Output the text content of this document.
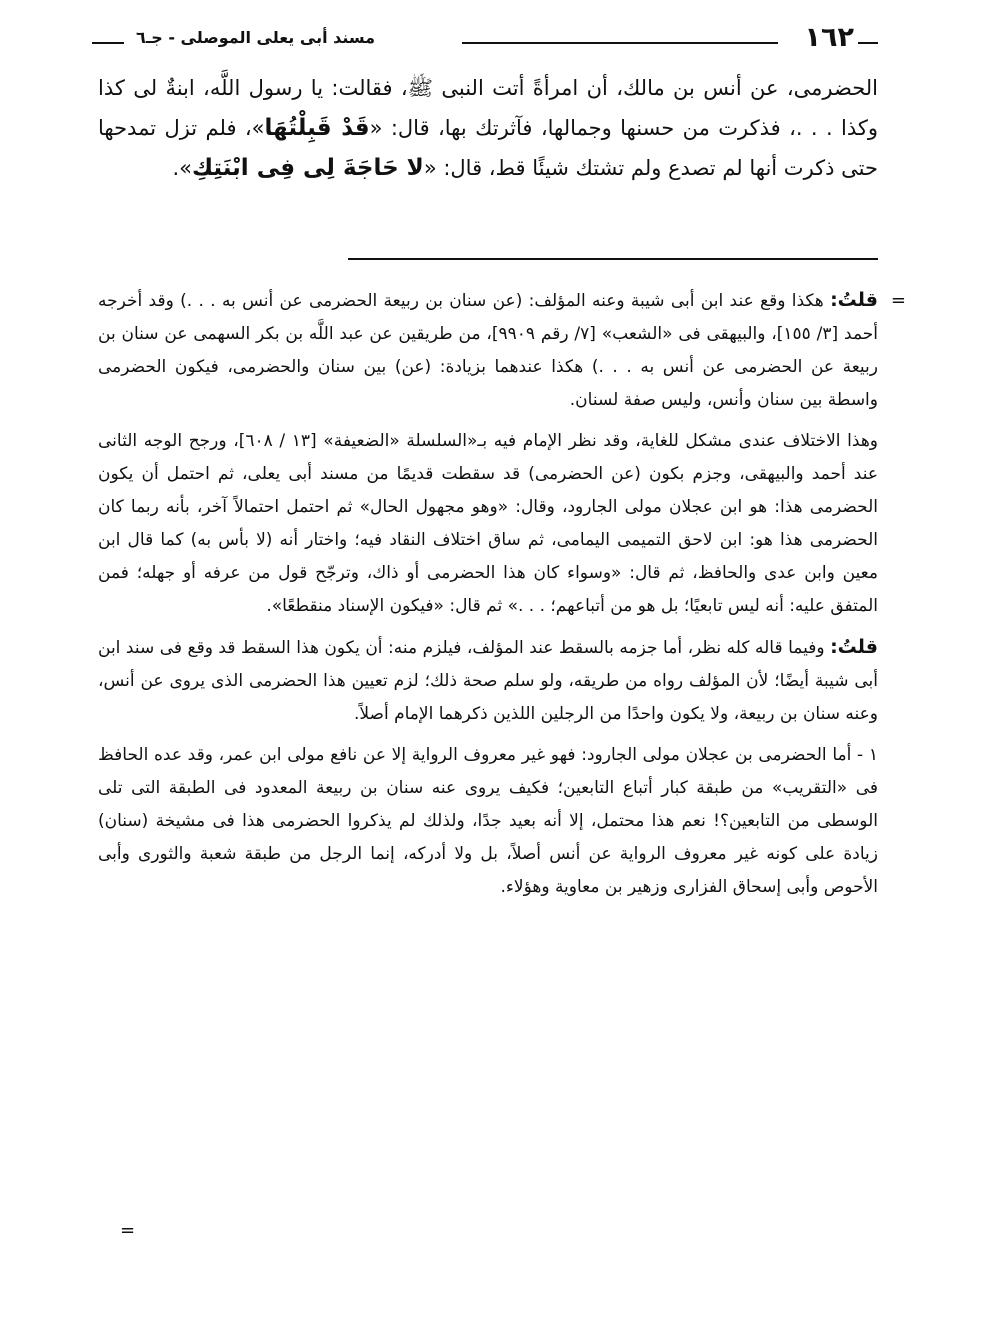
١٦٢
مسند أبى يعلى الموصلى - جـ٦

الحضرمى، عن أنس بن مالك، أن امرأةً أتت النبى ﷺ، فقالت: يا رسول اللَّه، ابنةٌ لى كذا وكذا . . .، فذكرت من حسنها وجمالها، فآثرتك بها، قال: «قَدْ قَبِلْتُهَا»، فلم تزل تمدحها حتى ذكرت أنها لم تصدع ولم تشتك شيئًا قط، قال: «لا حَاجَةَ لِى فِى ابْنَتِكِ».

=
قلتُ: هكذا وقع عند ابن أبى شيبة وعنه المؤلف: (عن سنان بن ربيعة الحضرمى عن أنس به . . .) وقد أخرجه أحمد [٣/ ١٥٥]، والبيهقى فى «الشعب» [٧/ رقم ٩٩٠٩]، من طريقين عن عبد اللَّه بن بكر السهمى عن سنان بن ربيعة عن الحضرمى عن أنس به . . .) هكذا عندهما بزيادة: (عن) بين سنان والحضرمى، فيكون الحضرمى واسطة بين سنان وأنس، وليس صفة لسنان.

وهذا الاختلاف عندى مشكل للغاية، وقد نظر الإمام فيه بـ«السلسلة «الضعيفة» [١٣ / ٦٠٨]، ورجح الوجه الثانى عند أحمد والبيهقى، وجزم بكون (عن الحضرمى) قد سقطت قديمًا من مسند أبى يعلى، ثم احتمل أن يكون الحضرمى هذا: هو ابن عجلان مولى الجارود، وقال: «وهو مجهول الحال» ثم احتمل احتمالاً آخر، بأنه ربما كان الحضرمى هذا هو: ابن لاحق التميمى اليمامى، ثم ساق اختلاف النقاد فيه؛ واختار أنه (لا بأس به) كما قال ابن معين وابن عدى والحافظ، ثم قال: «وسواء كان هذا الحضرمى أو ذاك، وترجّح قول من عرفه أو جهله؛ فمن المتفق عليه: أنه ليس تابعيًا؛ بل هو من أتباعهم؛ . . .» ثم قال: «فيكون الإسناد منقطعًا».

قلتُ: وفيما قاله كله نظر، أما جزمه بالسقط عند المؤلف، فيلزم منه: أن يكون هذا السقط قد وقع فى سند ابن أبى شيبة أيضًا؛ لأن المؤلف رواه من طريقه، ولو سلم صحة ذلك؛ لزم تعيين هذا الحضرمى الذى يروى عن أنس، وعنه سنان بن ربيعة، ولا يكون واحدًا من الرجلين اللذين ذكرهما الإمام أصلاً.

١ - أما الحضرمى بن عجلان مولى الجارود: فهو غير معروف الرواية إلا عن نافع مولى ابن عمر، وقد عده الحافظ فى «التقريب» من طبقة كبار أتباع التابعين؛ فكيف يروى عنه سنان بن ربيعة المعدود فى الطبقة التى تلى الوسطى من التابعين؟! نعم هذا محتمل، إلا أنه بعيد جدًا، ولذلك لم يذكروا الحضرمى هذا فى مشيخة (سنان) زيادة على كونه غير معروف الرواية عن أنس أصلاً، بل ولا أدركه، إنما الرجل من طبقة شعبة والثورى وأبى الأحوص وأبى إسحاق الفزارى وزهير بن معاوية وهؤلاء.

=
